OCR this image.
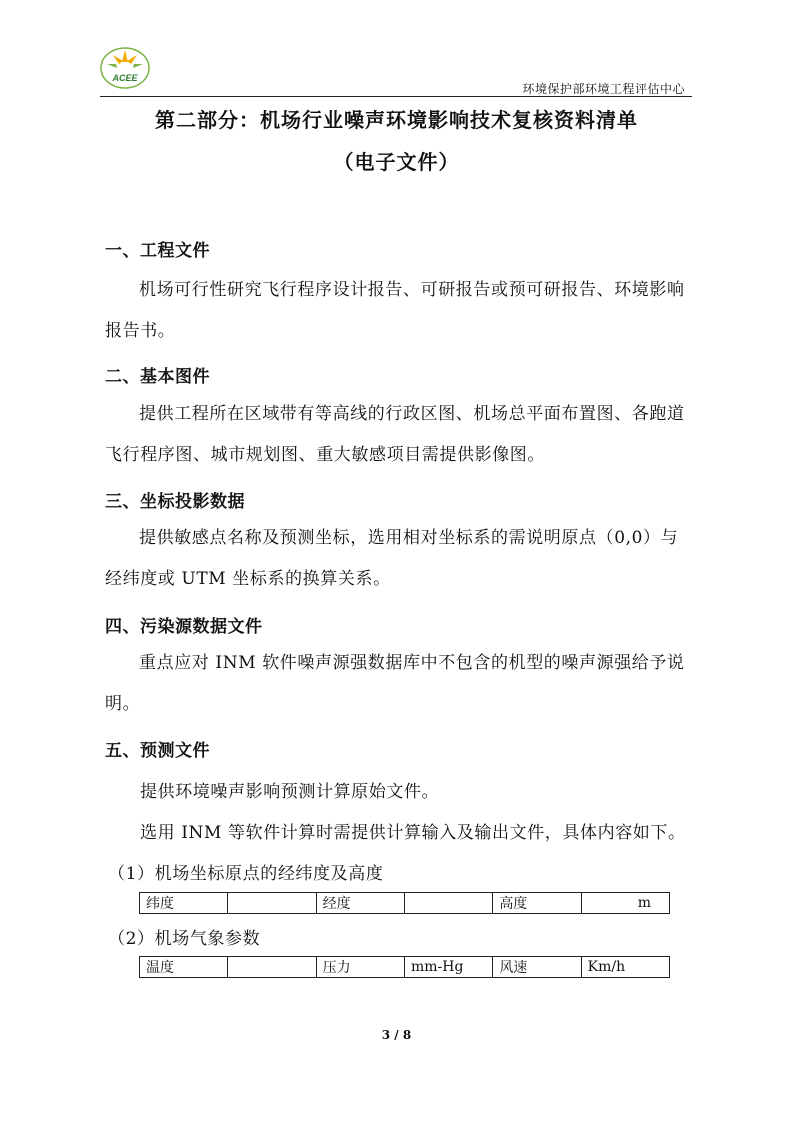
ACEE
环境保护部环境工程评估中心
第二部分：机场行业噪声环境影响技术复核资料清单
（电子文件）
一、工程文件
机场可行性研究飞行程序设计报告、可研报告或预可研报告、环境影响报告书。
二、基本图件
提供工程所在区域带有等高线的行政区图、机场总平面布置图、各跑道飞行程序图、城市规划图、重大敏感项目需提供影像图。
三、坐标投影数据
提供敏感点名称及预测坐标，选用相对坐标系的需说明原点（0,0）与经纬度或 UTM 坐标系的换算关系。
四、污染源数据文件
重点应对 INM 软件噪声源强数据库中不包含的机型的噪声源强给予说明。
五、预测文件
提供环境噪声影响预测计算原始文件。
选用 INM 等软件计算时需提供计算输入及输出文件，具体内容如下。
（1）机场坐标原点的经纬度及高度
纬度		经度		高度	m
（2）机场气象参数
温度		压力	mm-Hg	风速	Km/h
3 / 8
